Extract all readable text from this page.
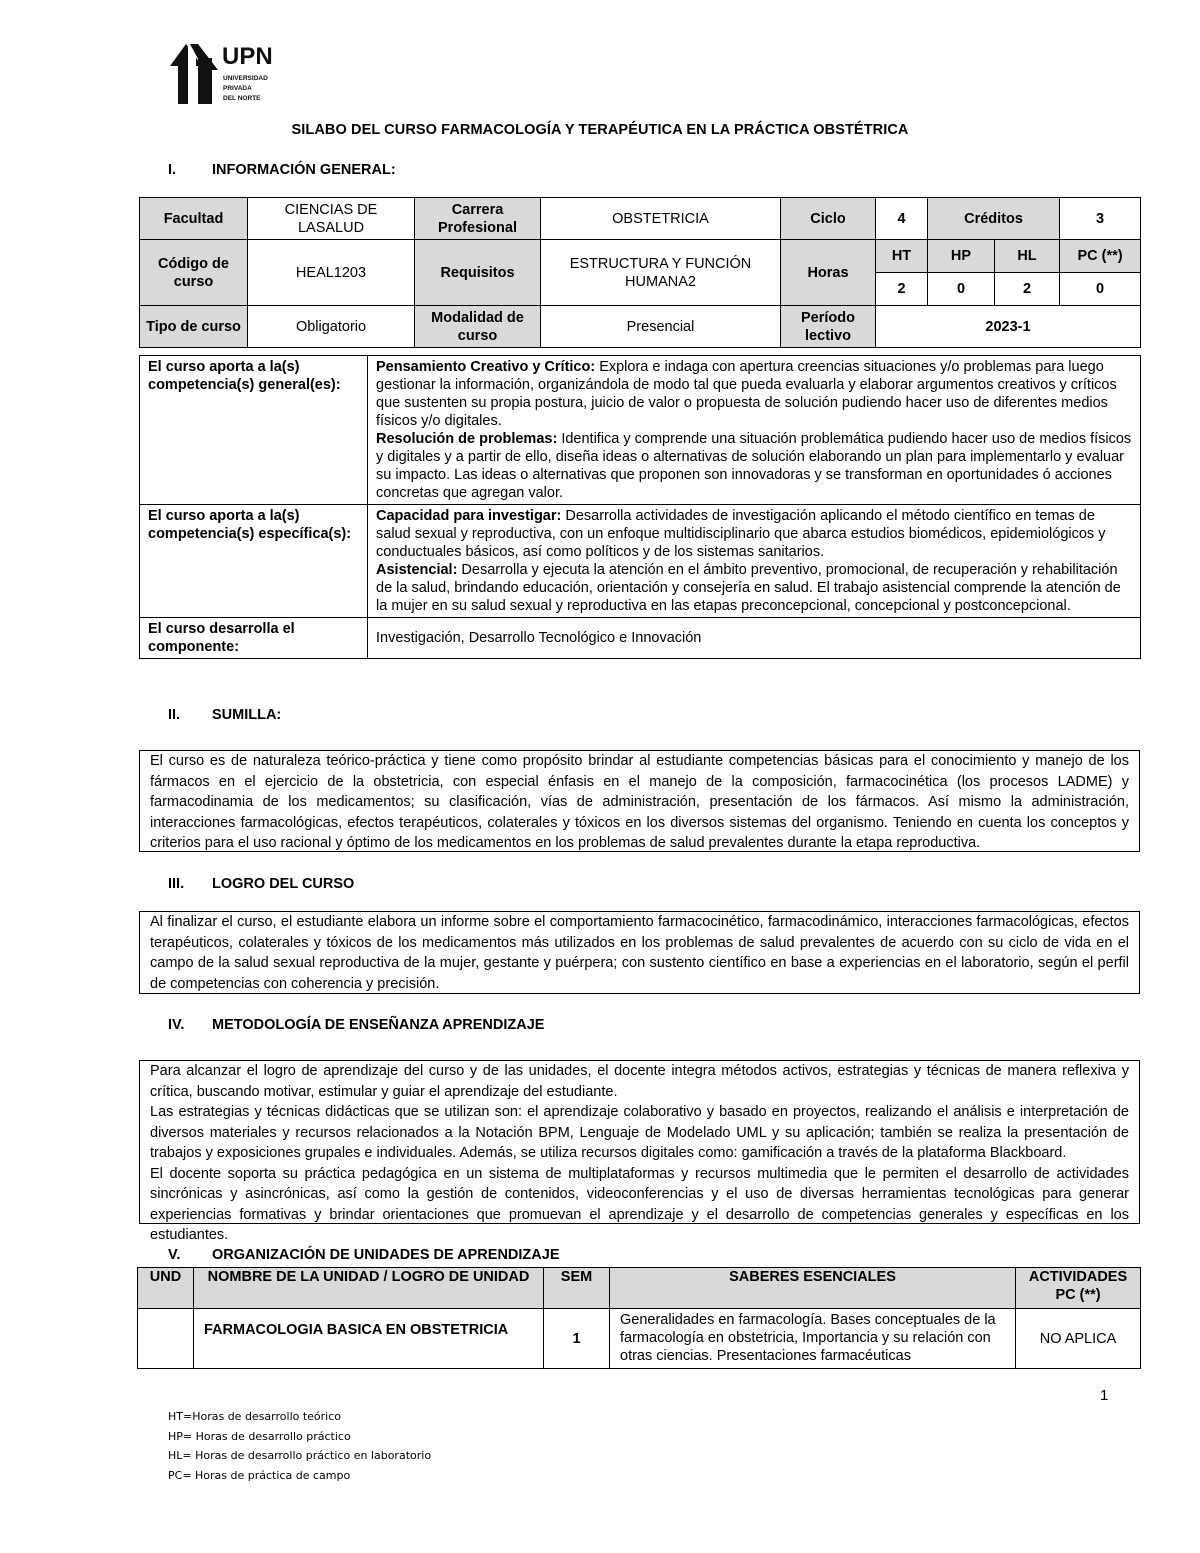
UPN
UNIVERSIDAD
PRIVADA
DEL NORTE
SILABO DEL CURSO FARMACOLOGÍA Y TERAPÉUTICA EN LA PRÁCTICA OBSTÉTRICA
I. INFORMACIÓN GENERAL:
Facultad	CIENCIAS DE LASALUD	Carrera Profesional	OBSTETRICIA	Ciclo	4	Créditos		3
Código de curso	HEAL1203	Requisitos	ESTRUCTURA Y FUNCIÓN HUMANA2	Horas	HT	HP	HL	PC (**)
					2	0	2	0
Tipo de curso	Obligatorio	Modalidad de curso	Presencial	Período lectivo	2023-1			
El curso aporta a la(s) competencia(s) general(es):	Pensamiento Creativo y Crítico: Explora e indaga con apertura creencias situaciones y/o problemas para luego gestionar la información, organizándola de modo tal que pueda evaluarla y elaborar argumentos creativos y críticos que sustenten su propia postura, juicio de valor o propuesta de solución pudiendo hacer uso de diferentes medios físicos y/o digitales.
Resolución de problemas: Identifica y comprende una situación problemática pudiendo hacer uso de medios físicos y digitales y a partir de ello, diseña ideas o alternativas de solución elaborando un plan para implementarlo y evaluar su impacto. Las ideas o alternativas que proponen son innovadoras y se transforman en oportunidades ó acciones concretas que agregan valor.
El curso aporta a la(s) competencia(s) específica(s):	Capacidad para investigar: Desarrolla actividades de investigación aplicando el método científico en temas de salud sexual y reproductiva, con un enfoque multidisciplinario que abarca estudios biomédicos, epidemiológicos y conductuales básicos, así como políticos y de los sistemas sanitarios.
Asistencial: Desarrolla y ejecuta la atención en el ámbito preventivo, promocional, de recuperación y rehabilitación de la salud, brindando educación, orientación y consejería en salud. El trabajo asistencial comprende la atención de la mujer en su salud sexual y reproductiva en las etapas preconcepcional, concepcional y postconcepcional.
El curso desarrolla el componente:	Investigación, Desarrollo Tecnológico e Innovación
II. SUMILLA:
El curso es de naturaleza teórico-práctica y tiene como propósito brindar al estudiante competencias básicas para el conocimiento y manejo de los fármacos en el ejercicio de la obstetricia, con especial énfasis en el manejo de la composición, farmacocinética (los procesos LADME) y farmacodinamia de los medicamentos; su clasificación, vías de administración, presentación de los fármacos. Así mismo la administración, interacciones farmacológicas, efectos terapéuticos, colaterales y tóxicos en los diversos sistemas del organismo. Teniendo en cuenta los conceptos y criterios para el uso racional y óptimo de los medicamentos en los problemas de salud prevalentes durante la etapa reproductiva.
III. LOGRO DEL CURSO
Al finalizar el curso, el estudiante elabora un informe sobre el comportamiento farmacocinético, farmacodinámico, interacciones farmacológicas, efectos terapéuticos, colaterales y tóxicos de los medicamentos más utilizados en los problemas de salud prevalentes de acuerdo con su ciclo de vida en el campo de la salud sexual reproductiva de la mujer, gestante y puérpera; con sustento científico en base a experiencias en el laboratorio, según el perfil de competencias con coherencia y precisión.
IV. METODOLOGÍA DE ENSEÑANZA APRENDIZAJE
Para alcanzar el logro de aprendizaje del curso y de las unidades, el docente integra métodos activos, estrategias y técnicas de manera reflexiva y crítica, buscando motivar, estimular y guiar el aprendizaje del estudiante.
Las estrategias y técnicas didácticas que se utilizan son: el aprendizaje colaborativo y basado en proyectos, realizando el análisis e interpretación de diversos materiales y recursos relacionados a la Notación BPM, Lenguaje de Modelado UML y su aplicación; también se realiza la presentación de trabajos y exposiciones grupales e individuales. Además, se utiliza recursos digitales como: gamificación a través de la plataforma Blackboard.
El docente soporta su práctica pedagógica en un sistema de multiplataformas y recursos multimedia que le permiten el desarrollo de actividades sincrónicas y asincrónicas, así como la gestión de contenidos, videoconferencias y el uso de diversas herramientas tecnológicas para generar experiencias formativas y brindar orientaciones que promuevan el aprendizaje y el desarrollo de competencias generales y específicas en los estudiantes.
V. ORGANIZACIÓN DE UNIDADES DE APRENDIZAJE
UND	NOMBRE DE LA UNIDAD / LOGRO DE UNIDAD	SEM	SABERES ESENCIALES	ACTIVIDADES PC (**)
	FARMACOLOGIA BASICA EN OBSTETRICIA	1	Generalidades en farmacología. Bases conceptuales de la farmacología en obstetricia, Importancia y su relación con otras ciencias. Presentaciones farmacéuticas	NO APLICA
1
HT=Horas de desarrollo teórico
HP= Horas de desarrollo práctico
HL= Horas de desarrollo práctico en laboratorio
PC= Horas de práctica de campo
